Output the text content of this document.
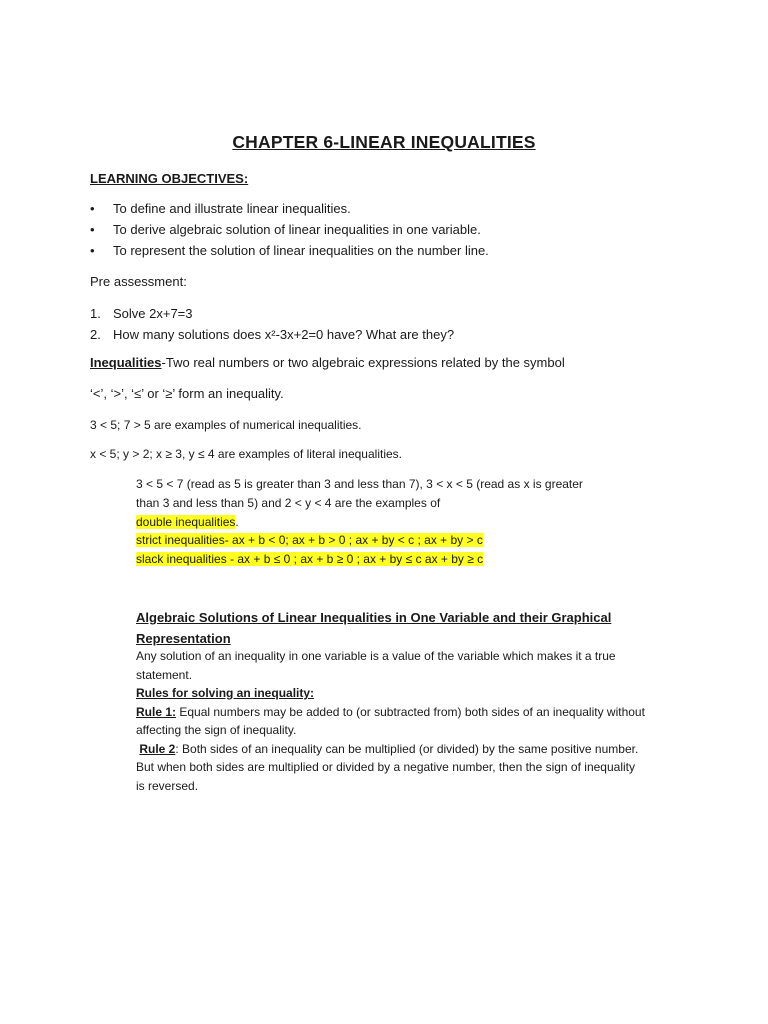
CHAPTER 6-LINEAR INEQUALITIES
LEARNING OBJECTIVES:
• To define and illustrate linear inequalities.
• To derive algebraic solution of linear inequalities in one variable.
• To represent the solution of linear inequalities on the number line.
Pre assessment:
1. Solve 2x+7=3
2. How many solutions does x²-3x+2=0 have? What are they?
Inequalities-Two real numbers or two algebraic expressions related by the symbol
‘<’, ‘>’, ‘≤’ or ‘≥’ form an inequality.
3 < 5; 7 > 5 are examples of numerical inequalities.
x < 5; y > 2; x ≥ 3, y ≤ 4 are examples of literal inequalities.
3 < 5 < 7 (read as 5 is greater than 3 and less than 7), 3 < x < 5 (read as x is greater
than 3 and less than 5) and 2 < y < 4 are the examples of
double inequalities.
strict inequalities- ax + b < 0; ax + b > 0 ; ax + by < c ; ax + by > c
slack inequalities - ax + b ≤ 0 ; ax + b ≥ 0 ; ax + by ≤ c ax + by ≥ c
Algebraic Solutions of Linear Inequalities in One Variable and their Graphical
Representation
Any solution of an inequality in one variable is a value of the variable which makes it a true
statement.
Rules for solving an inequality:
Rule 1: Equal numbers may be added to (or subtracted from) both sides of an inequality without
affecting the sign of inequality.
Rule 2: Both sides of an inequality can be multiplied (or divided) by the same positive number.
But when both sides are multiplied or divided by a negative number, then the sign of inequality
is reversed.
